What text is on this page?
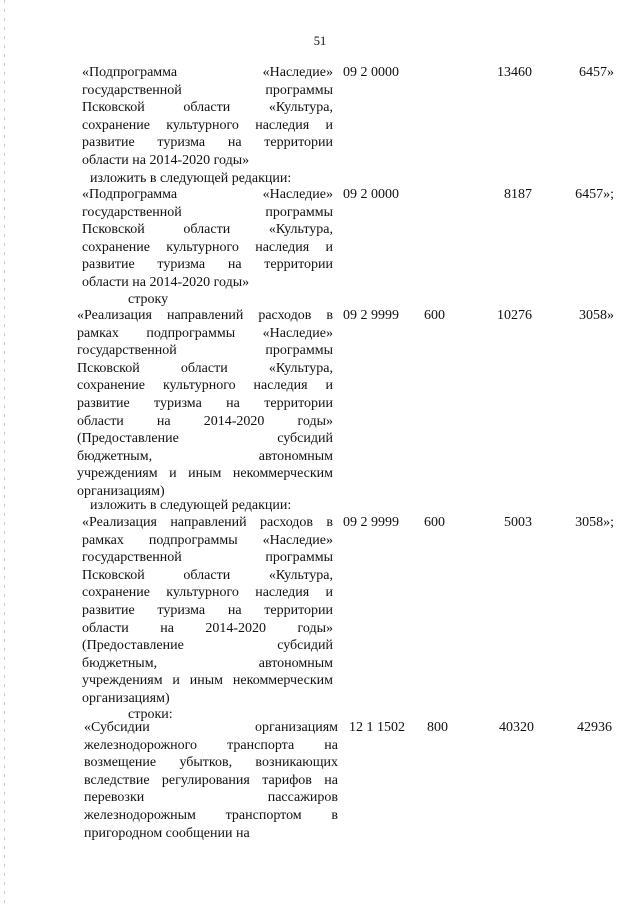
51
«Подпрограмма «Наследие»
государственной программы
Псковской области «Культура,
сохранение культурного наследия и
развитие туризма на территории
области на 2014-2020 годы»
09 2 0000	13460	6457»
изложить в следующей редакции:
«Подпрограмма «Наследие»
государственной программы
Псковской области «Культура,
сохранение культурного наследия и
развитие туризма на территории
области на 2014-2020 годы»
09 2 0000	8187	6457»;
строку
«Реализация направлений расходов в
рамках подпрограммы «Наследие»
государственной программы
Псковской области «Культура,
сохранение культурного наследия и
развитие туризма на территории
области на 2014-2020 годы»
(Предоставление субсидий
бюджетным, автономным
учреждениям и иным некоммерческим
организациям)
09 2 9999 600	10276	3058»
изложить в следующей редакции:
«Реализация направлений расходов в
рамках подпрограммы «Наследие»
государственной программы
Псковской области «Культура,
сохранение культурного наследия и
развитие туризма на территории
области на 2014-2020 годы»
(Предоставление субсидий
бюджетным, автономным
учреждениям и иным некоммерческим
организациям)
09 2 9999 600	5003	3058»;
строки:
«Субсидии организациям
железнодорожного транспорта на
возмещение убытков, возникающих
вследствие регулирования тарифов на
перевозки пассажиров
железнодорожным транспортом в
пригородном сообщении на
12 1 1502 800	40320	42936
